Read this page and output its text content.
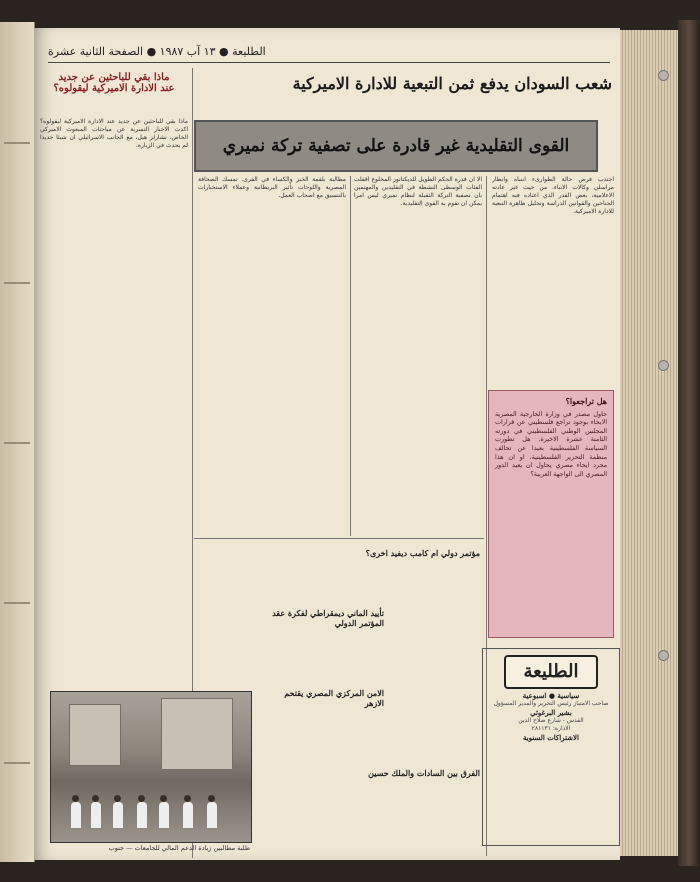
الطليعة ● ١٣ آب ١٩٨٧ ● الصفحة الثانية عشرة
ماذا بقي للباحثين عن جديد
عند الادارة الاميركية ليقولوه؟	شعب السودان يدفع ثمن التبعية للادارة الاميركية
القوى التقليدية غير قادرة على تصفية تركة نميري

اجتذب فرض حالة الطوارىء انتباه وانظار مراسلي وكالات الانباء. من حيث غير عادته الاعلامية، بعض القدر الذي اعتاده فيه اهتمام الجناحين والقوانين الدراسة وتحليل ظاهرة التبعية للادارة الاميركية.

الا ان قدرة الحكم الطويل للديكتاتور المخلوع اقفلت الفئات الوسطى النشطة في التقليدين والمهتمين بان تصفية التركة الثقيلة لنظام نميري ليس امرا يمكن ان تقوم به القوى التقليدية.

مطالبة بلقمة الخبز والكساء في القرى. تمسك الصحافة المصرية واللوحات تأثير البريطانية وعملاء الاستخبارات بالتنسيق مع اصحاب العمل.

ماذا بقي للباحثين عن جديد عند الادارة الاميركية ليقولوه؟ اكدت الاخبار التسربة عن مباحثات المبعوث الاميركي الخاص، تشارلز هيل، مع الجانب الاسرائيلي ان شيئا جديدا لم يحدث في الزيارة.

هل تراجعوا؟
حاول مصدر في وزارة الخارجية المصرية الايحاء بوجود تراجع فلسطيني عن قرارات المجلس الوطني الفلسطيني في دورته الثامنة عشرة الاخيرة. هل تطورت السياسة الفلسطينية بعيدا عن تحالف منظمة التحرير الفلسطينية، او ان هذا مجرد ايحاء مصري يحاول ان يعيد الدور المصري الى الواجهة العربية؟
الطليعة
سياسية ● اسبوعية
صاحب الامتياز رئيس التحرير والمدير المسؤول
بشير البرغوثي
القدس - شارع صلاح الدين
الادارة: ٢٨١١٣١
الاشتراكات السنوية
مؤتمر دولي ام كامب ديفيد اخرى؟
تأييد الماني ديمقراطي لفكرة عقد المؤتمر الدولي
الامن المركزي المصري يقتحم الازهر
الفرق بين السادات والملك حسين
طلبة مطالبين زيادة الدعم المالي للجامعات — جنوب
